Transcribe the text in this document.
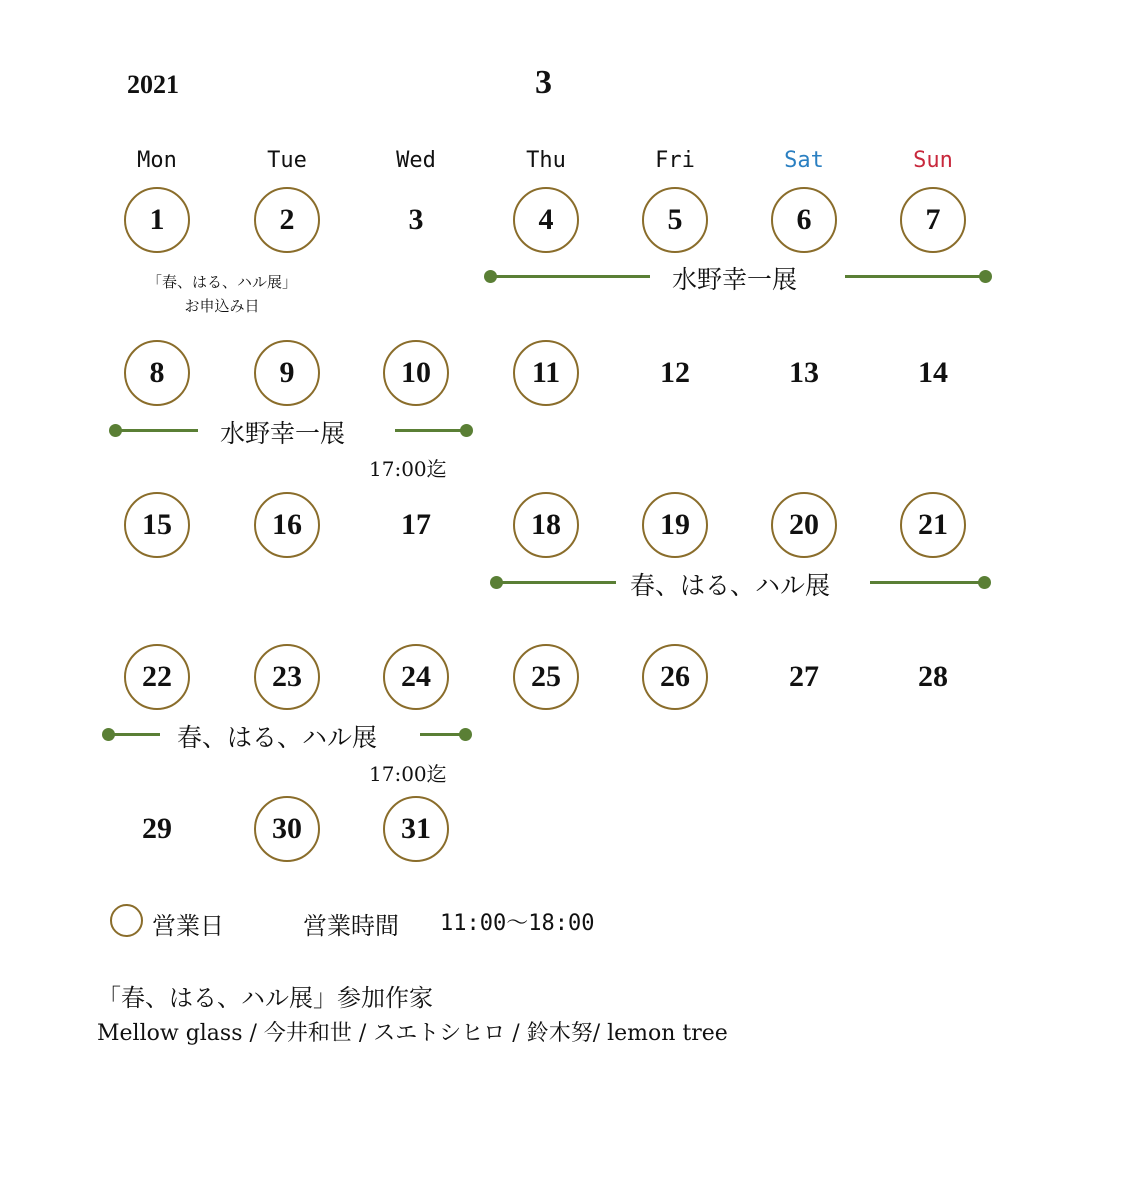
2021	3
Mon	Tue	Wed	Thu	Fri	Sat	Sun
1	2	3	4	5	6	7
8	9	10	11	12	13	14
15	16	17	18	19	20	21
22	23	24	25	26	27	28
29	30	31
「春、はる、ハル展」
お申込み日
水野幸一展
水野幸一展
17:00迄
春、はる、ハル展
春、はる、ハル展
17:00迄
営業日	営業時間 11:00〜18:00
「春、はる、ハル展」参加作家
Mellow glass / 今井和世 / スエトシヒロ / 鈴木努/ lemon tree
